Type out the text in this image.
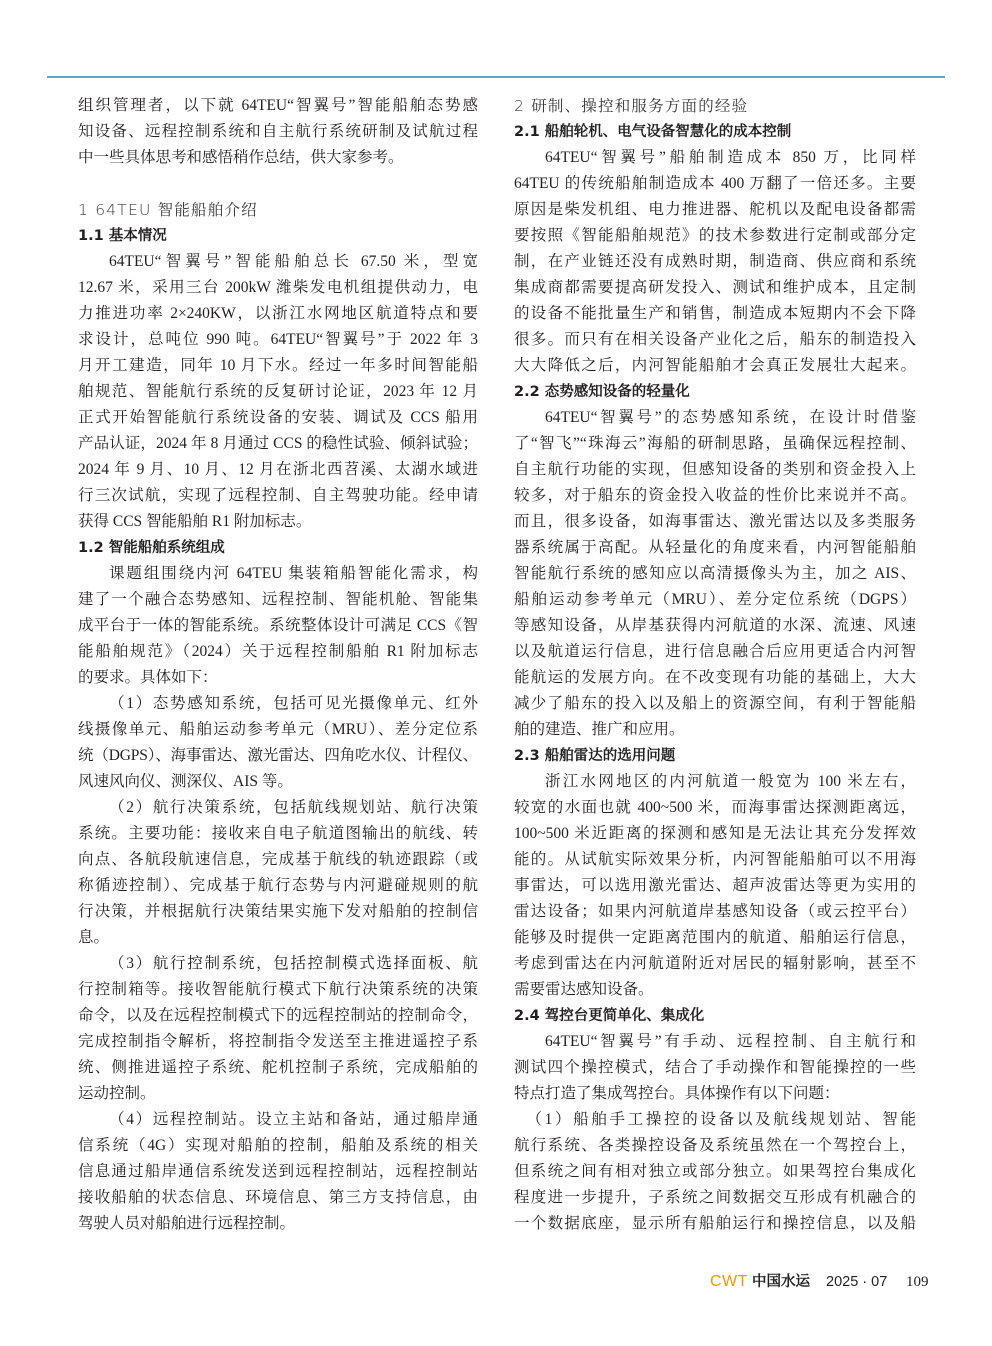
组织管理者，以下就 64TEU“智翼号”智能船舶态势感
知设备、远程控制系统和自主航行系统研制及试航过程
中一些具体思考和感悟稍作总结，供大家参考。
1 64TEU 智能船舶介绍
1.1 基本情况
64TEU“智翼号”智能船舶总长 67.50 米，型宽
12.67 米，采用三台 200kW 潍柴发电机组提供动力，电
力推进功率 2×240KW，以浙江水网地区航道特点和要
求设计，总吨位 990 吨。64TEU“智翼号”于 2022 年 3
月开工建造，同年 10 月下水。经过一年多时间智能船
舶规范、智能航行系统的反复研讨论证，2023 年 12 月
正式开始智能航行系统设备的安装、调试及 CCS 船用
产品认证，2024 年 8 月通过 CCS 的稳性试验、倾斜试验；
2024 年 9 月、10 月、12 月在浙北西苕溪、太湖水域进
行三次试航，实现了远程控制、自主驾驶功能。经申请
获得 CCS 智能船舶 R1 附加标志。
1.2 智能船舶系统组成
课题组围绕内河 64TEU 集装箱船智能化需求，构
建了一个融合态势感知、远程控制、智能机舱、智能集
成平台于一体的智能系统。系统整体设计可满足 CCS《智
能船舶规范》（2024）关于远程控制船舶 R1 附加标志
的要求。具体如下：
（1）态势感知系统，包括可见光摄像单元、红外
线摄像单元、船舶运动参考单元（MRU）、差分定位系
统（DGPS）、海事雷达、激光雷达、四角吃水仪、计程仪、
风速风向仪、测深仪、AIS 等。
（2）航行决策系统，包括航线规划站、航行决策
系统。主要功能：接收来自电子航道图输出的航线、转
向点、各航段航速信息，完成基于航线的轨迹跟踪（或
称循迹控制）、完成基于航行态势与内河避碰规则的航
行决策，并根据航行决策结果实施下发对船舶的控制信
息。
（3）航行控制系统，包括控制模式选择面板、航
行控制箱等。接收智能航行模式下航行决策系统的决策
命令，以及在远程控制模式下的远程控制站的控制命令，
完成控制指令解析，将控制指令发送至主推进遥控子系
统、侧推进遥控子系统、舵机控制子系统，完成船舶的
运动控制。
（4）远程控制站。设立主站和备站，通过船岸通
信系统（4G）实现对船舶的控制，船舶及系统的相关
信息通过船岸通信系统发送到远程控制站，远程控制站
接收船舶的状态信息、环境信息、第三方支持信息，由
驾驶人员对船舶进行远程控制。
2 研制、操控和服务方面的经验
2.1 船舶轮机、电气设备智慧化的成本控制
64TEU“智翼号”船舶制造成本 850 万，比同样
64TEU 的传统船舶制造成本 400 万翻了一倍还多。主要
原因是柴发机组、电力推进器、舵机以及配电设备都需
要按照《智能船舶规范》的技术参数进行定制或部分定
制，在产业链还没有成熟时期，制造商、供应商和系统
集成商都需要提高研发投入、测试和维护成本，且定制
的设备不能批量生产和销售，制造成本短期内不会下降
很多。而只有在相关设备产业化之后，船东的制造投入
大大降低之后，内河智能船舶才会真正发展壮大起来。
2.2 态势感知设备的轻量化
64TEU“智翼号”的态势感知系统，在设计时借鉴
了“智飞”“珠海云”海船的研制思路，虽确保远程控制、
自主航行功能的实现，但感知设备的类别和资金投入上
较多，对于船东的资金投入收益的性价比来说并不高。
而且，很多设备，如海事雷达、激光雷达以及多类服务
器系统属于高配。从轻量化的角度来看，内河智能船舶
智能航行系统的感知应以高清摄像头为主，加之 AIS、
船舶运动参考单元（MRU）、差分定位系统（DGPS）
等感知设备，从岸基获得内河航道的水深、流速、风速
以及航道运行信息，进行信息融合后应用更适合内河智
能航运的发展方向。在不改变现有功能的基础上，大大
减少了船东的投入以及船上的资源空间，有利于智能船
舶的建造、推广和应用。
2.3 船舶雷达的选用问题
浙江水网地区的内河航道一般宽为 100 米左右，
较宽的水面也就 400~500 米，而海事雷达探测距离远，
100~500 米近距离的探测和感知是无法让其充分发挥效
能的。从试航实际效果分析，内河智能船舶可以不用海
事雷达，可以选用激光雷达、超声波雷达等更为实用的
雷达设备；如果内河航道岸基感知设备（或云控平台）
能够及时提供一定距离范围内的航道、船舶运行信息，
考虑到雷达在内河航道附近对居民的辐射影响，甚至不
需要雷达感知设备。
2.4 驾控台更简单化、集成化
64TEU“智翼号”有手动、远程控制、自主航行和
测试四个操控模式，结合了手动操作和智能操控的一些
特点打造了集成驾控台。具体操作有以下问题：
（1）船舶手工操控的设备以及航线规划站、智能
航行系统、各类操控设备及系统虽然在一个驾控台上，
但系统之间有相对独立或部分独立。如果驾控台集成化
程度进一步提升，子系统之间数据交互形成有机融合的
一个数据底座，显示所有船舶运行和操控信息，以及船
CWT 中国水运 2025 · 07 109
